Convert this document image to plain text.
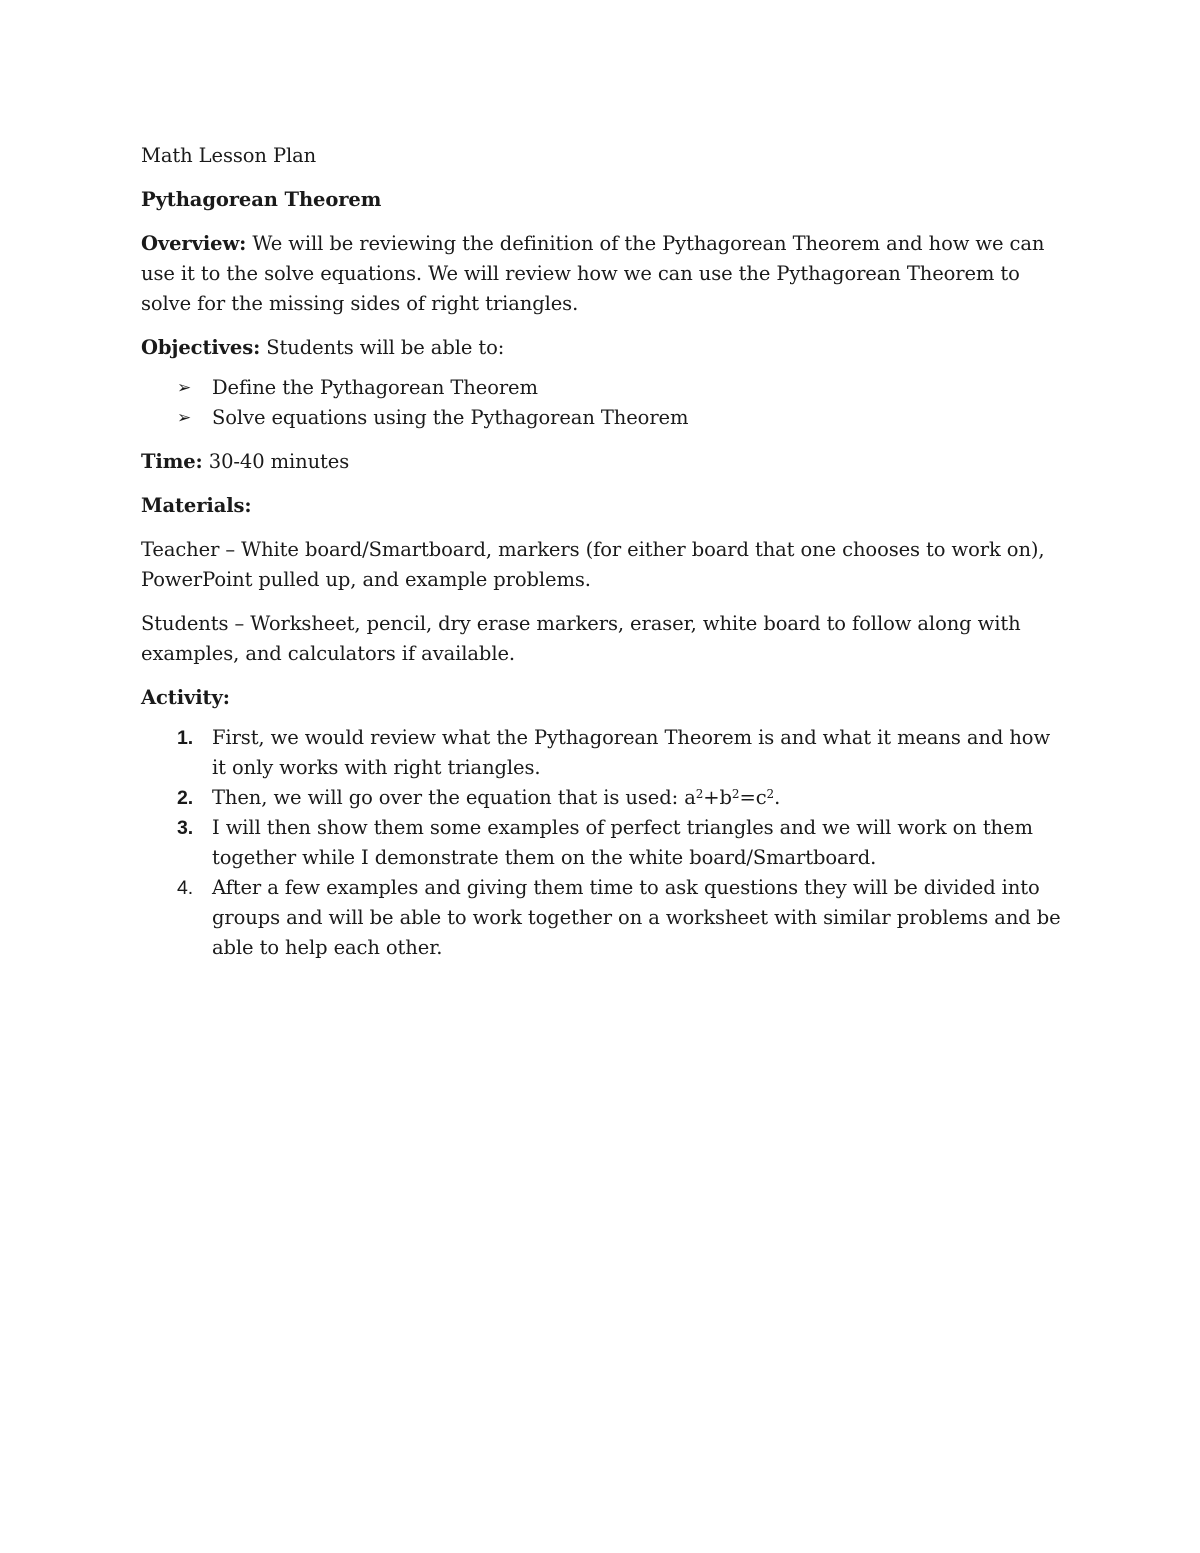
Math Lesson Plan

Pythagorean Theorem

Overview: We will be reviewing the definition of the Pythagorean Theorem and how we can use it to the solve equations. We will review how we can use the Pythagorean Theorem to solve for the missing sides of right triangles.

Objectives: Students will be able to:

➢ Define the Pythagorean Theorem
➢ Solve equations using the Pythagorean Theorem

Time: 30-40 minutes

Materials:

Teacher – White board/Smartboard, markers (for either board that one chooses to work on), PowerPoint pulled up, and example problems.

Students – Worksheet, pencil, dry erase markers, eraser, white board to follow along with examples, and calculators if available.

Activity:

1. First, we would review what the Pythagorean Theorem is and what it means and how it only works with right triangles.
2. Then, we will go over the equation that is used: $a^2+b^2=c^2$.
3. I will then show them some examples of perfect triangles and we will work on them together while I demonstrate them on the white board/Smartboard.
4. After a few examples and giving them time to ask questions they will be divided into groups and will be able to work together on a worksheet with similar problems and be able to help each other.
